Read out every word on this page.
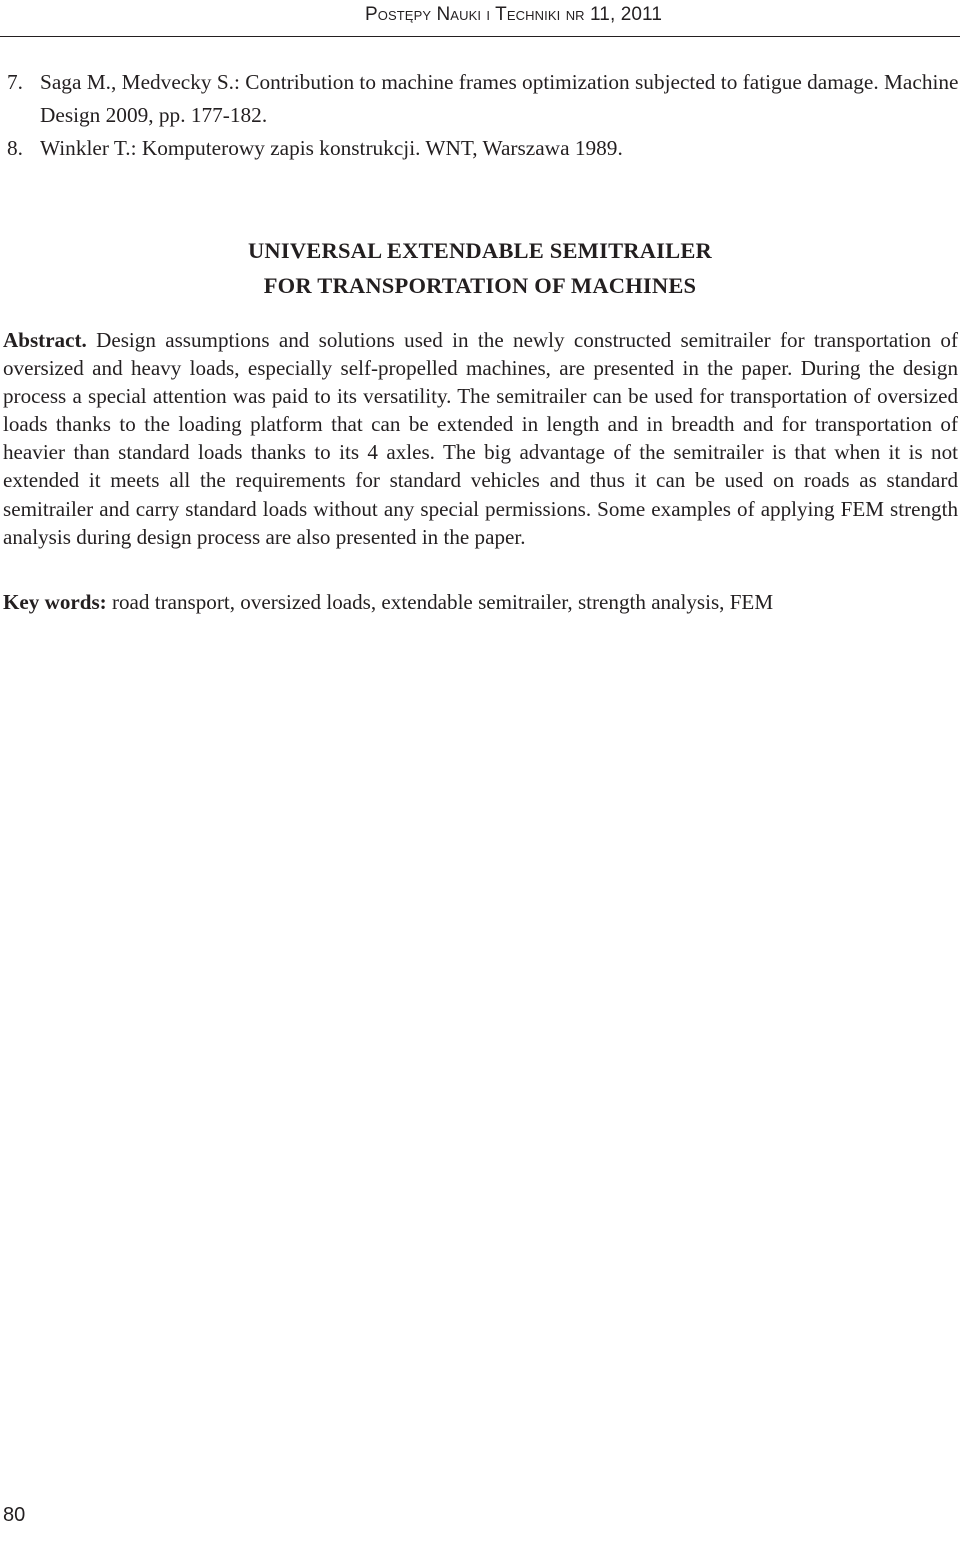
Postępy Nauki i Techniki nr 11, 2011
7. Saga M., Medvecky S.: Contribution to machine frames optimization subjected to fatigue damage. Machine Design 2009, pp. 177-182.
8. Winkler T.: Komputerowy zapis konstrukcji. WNT, Warszawa 1989.
UNIVERSAL EXTENDABLE SEMITRAILER
FOR TRANSPORTATION OF MACHINES

Abstract. Design assumptions and solutions used in the newly constructed semitrailer for transportation of oversized and heavy loads, especially self-propelled machines, are presented in the paper. During the design process a special attention was paid to its versatility. The semitrailer can be used for transportation of oversized loads thanks to the loading platform that can be extended in length and in breadth and for transportation of heavier than standard loads thanks to its 4 axles. The big advantage of the semitrailer is that when it is not extended it meets all the requirements for standard vehicles and thus it can be used on roads as standard semitrailer and carry standard loads without any special permissions. Some examples of applying FEM strength analysis during design process are also presented in the paper.

Key words: road transport, oversized loads, extendable semitrailer, strength analysis, FEM

80
